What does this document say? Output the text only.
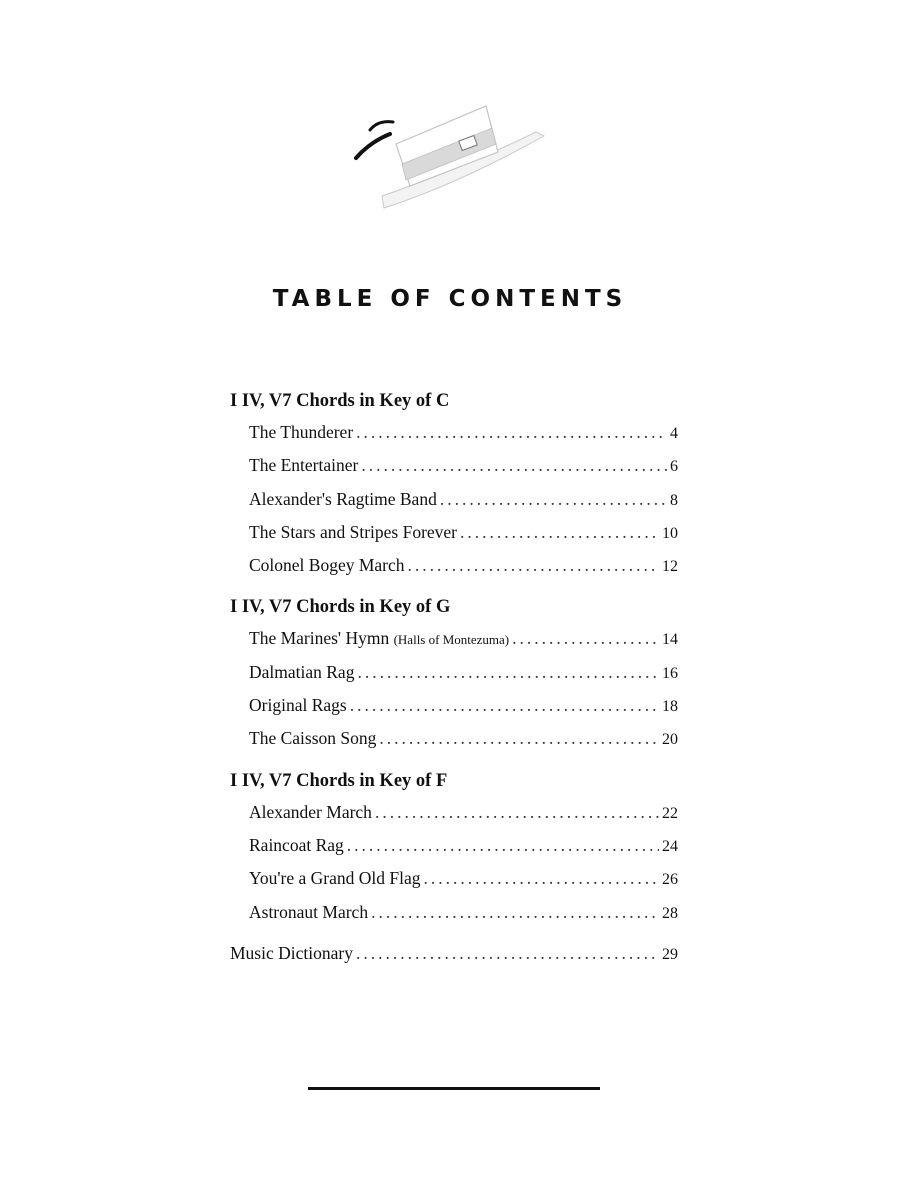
TABLE OF CONTENTS
I IV, V7 Chords in Key of C
The Thunderer .....	4
The Entertainer .....	6
Alexander's Ragtime Band .....	8
The Stars and Stripes Forever .....	10
Colonel Bogey March .....	12
I IV, V7 Chords in Key of G
The Marines' Hymn (Halls of Montezuma) .....	14
Dalmatian Rag .....	16
Original Rags .....	18
The Caisson Song .....	20
I IV, V7 Chords in Key of F
Alexander March .....	22
Raincoat Rag .....	24
You're a Grand Old Flag .....	26
Astronaut March .....	28
Music Dictionary .....	29
